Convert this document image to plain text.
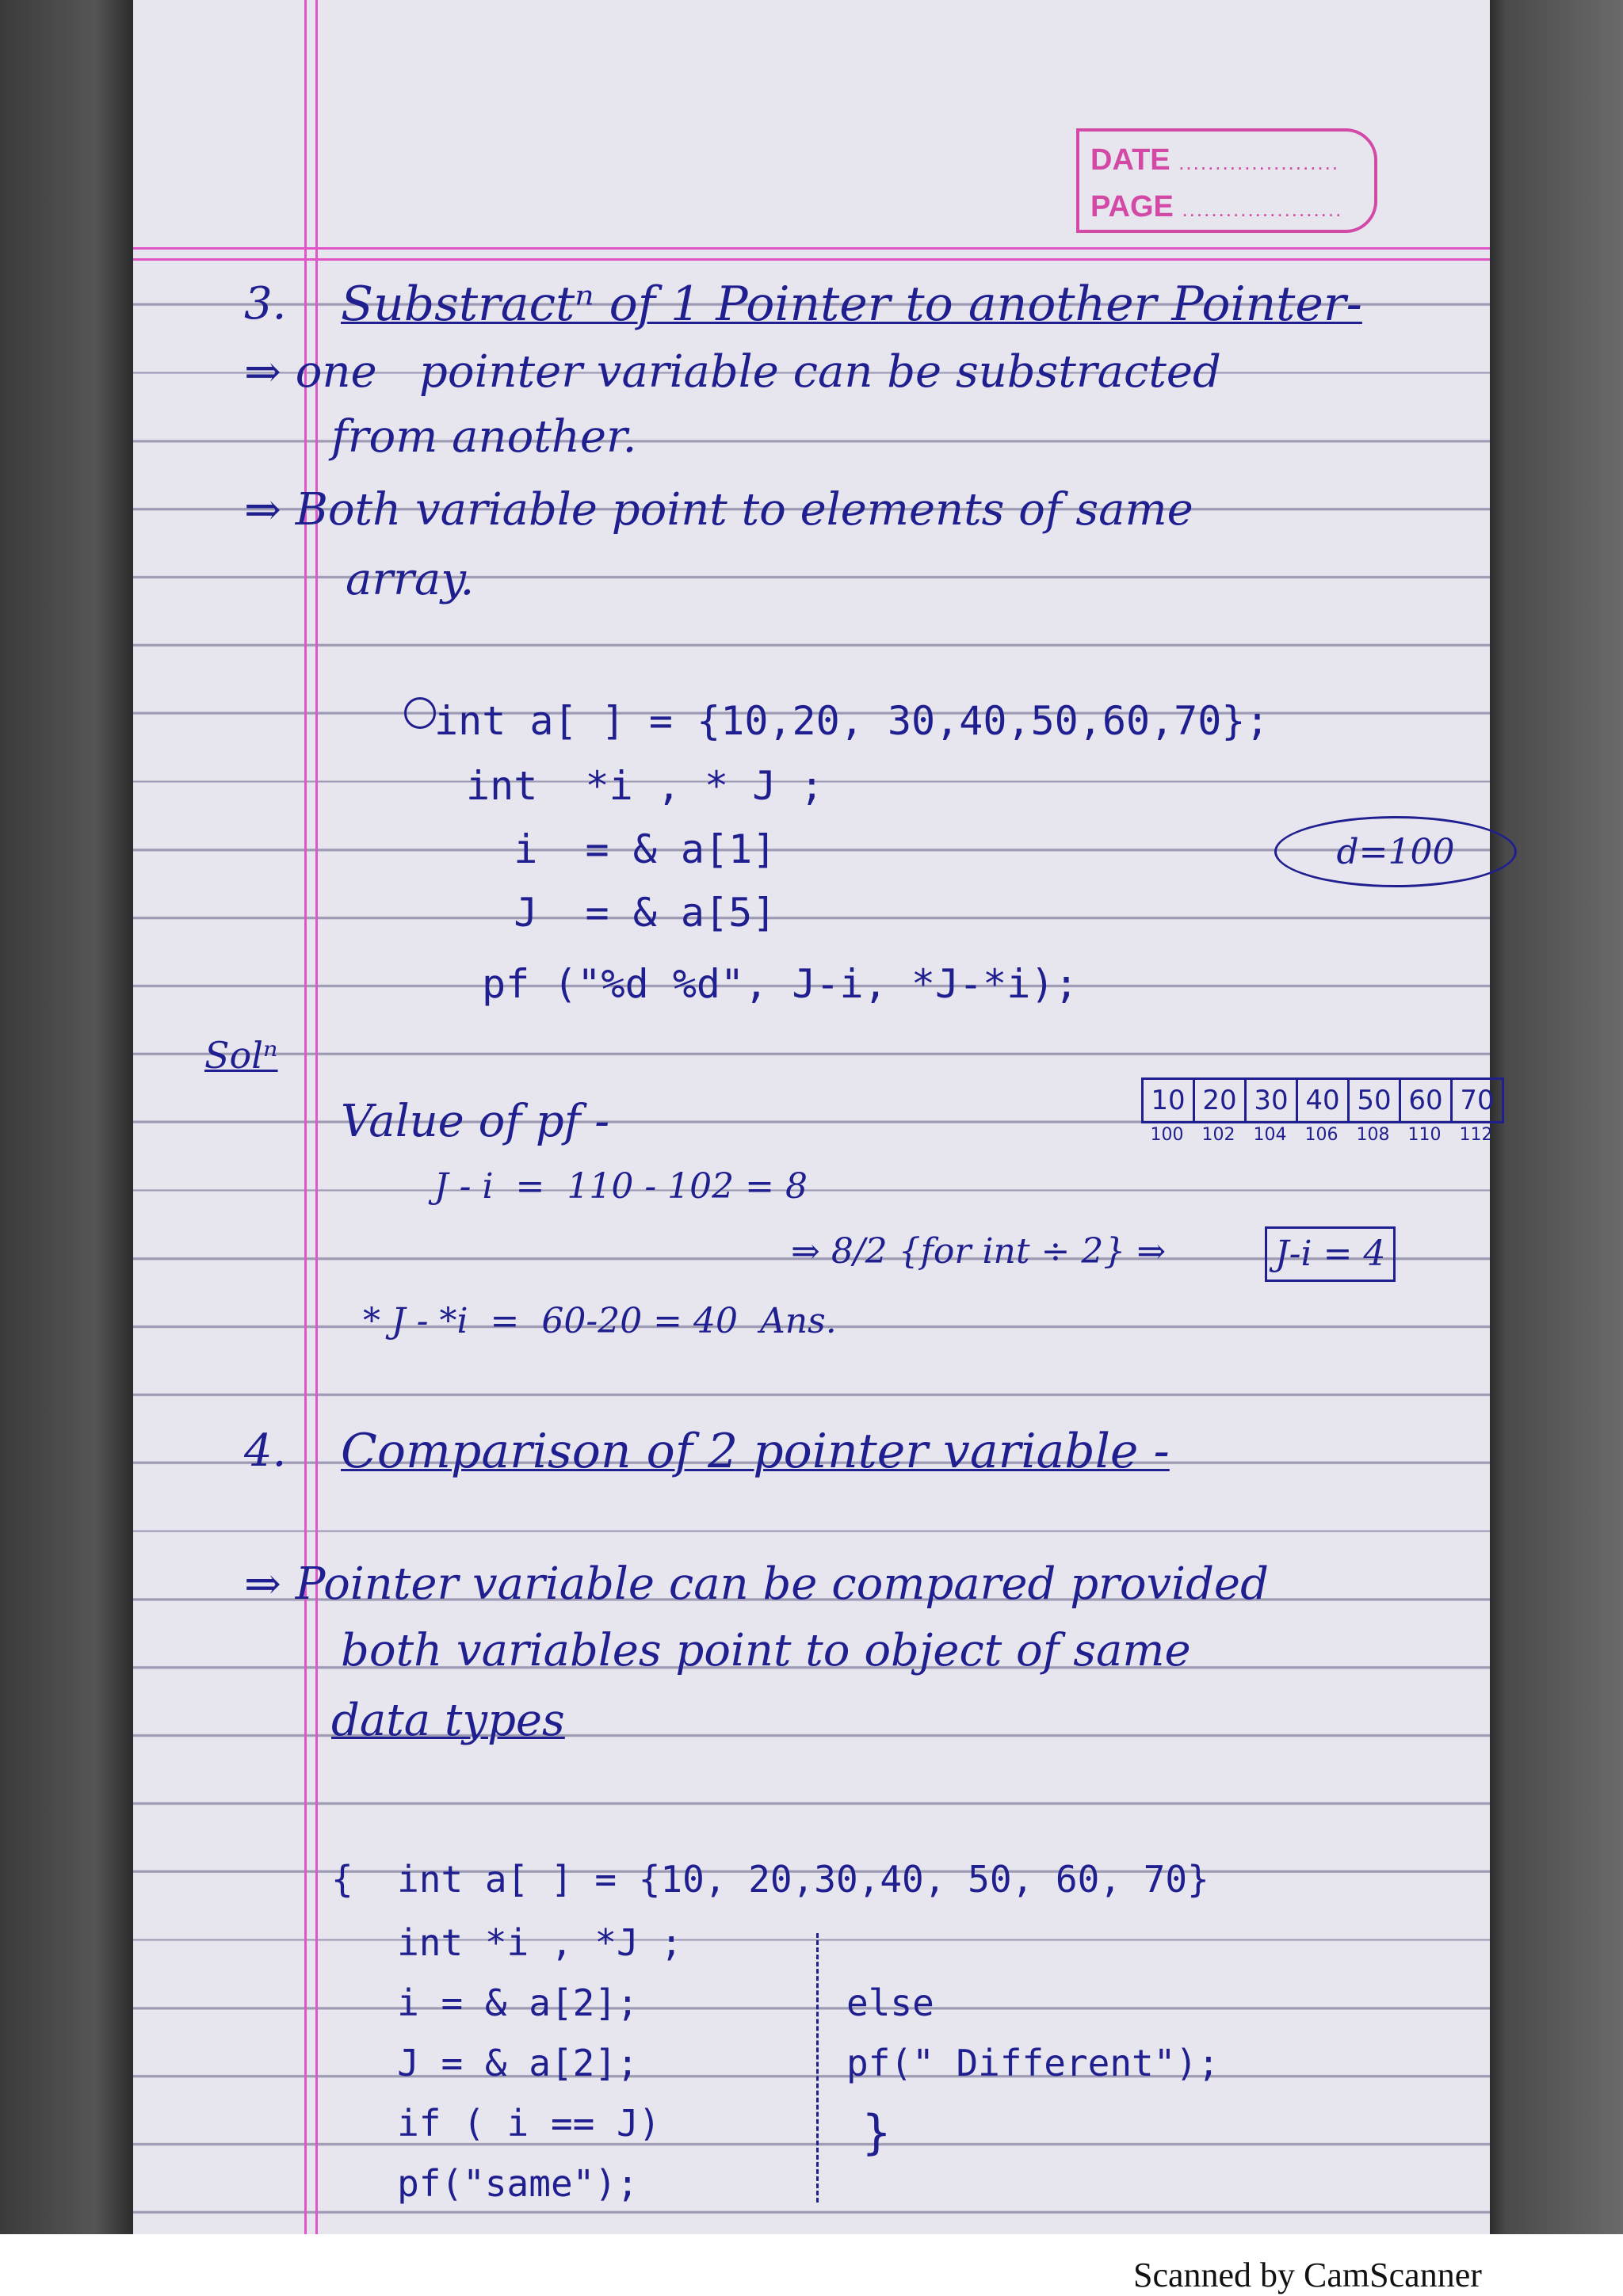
DATE ......................
PAGE ......................
3. Substractⁿ of 1 Pointer to another Pointer-
⇒ one   pointer variable can be substracted
from another.
⇒ Both variable point to elements of same
array.
int a[ ] = {10,20, 30,40,50,60,70};
int  *i , * J ;
i  = & a[1]
J  = & a[5]
pf ("%d %d", J-i, *J-*i);
d=100
Solⁿ
Value of pf -	10 20 30 40 50 60 70
100	102	104	106	108	110	112
J - i  =  110 - 102 = 8
⇒ 8/2 {for int ÷ 2} ⇒	J-i = 4
* J - *i  =  60-20 = 40  Ans.
4. Comparison of 2 pointer variable -
⇒ Pointer variable can be compared provided
both variables point to object of same
data types
{  int a[ ] = {10, 20,30,40, 50, 60, 70}
int *i , *J ;
i = & a[2];
J = & a[2];
if ( i == J)
pf("same");
else
pf(" Different");
}
Scanned by CamScanner
